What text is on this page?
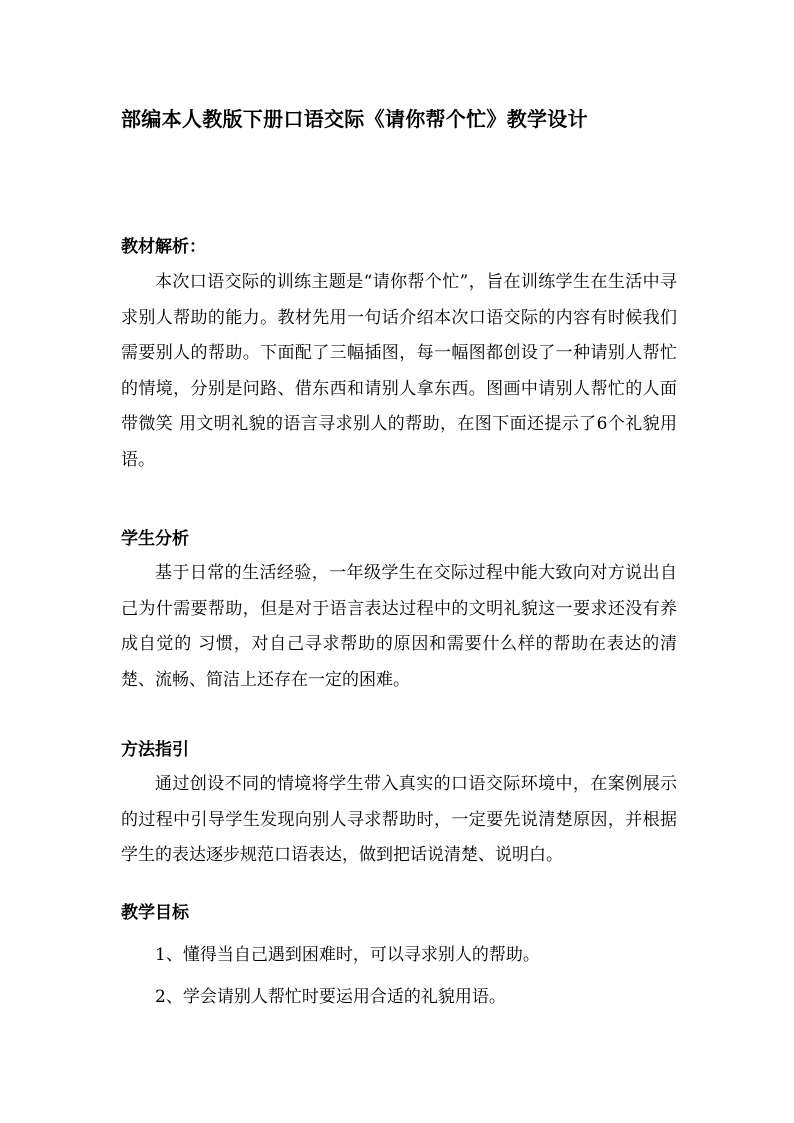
部编本人教版下册口语交际《请你帮个忙》教学设计
教材解析：

本次口语交际的训练主题是“请你帮个忙”，旨在训练学生在生活中寻求别人帮助的能力。教材先用一句话介绍本次口语交际的内容有时候我们需要别人的帮助。下面配了三幅插图，每一幅图都创设了一种请别人帮忙的情境，分别是问路、借东西和请别人拿东西。图画中请别人帮忙的人面带微笑 用文明礼貌的语言寻求别人的帮助，在图下面还提示了6个礼貌用语。

学生分析

基于日常的生活经验，一年级学生在交际过程中能大致向对方说出自己为什需要帮助，但是对于语言表达过程中的文明礼貌这一要求还没有养成自觉的 习惯，对自己寻求帮助的原因和需要什么样的帮助在表达的清楚、流畅、简洁上还存在一定的困难。

方法指引

通过创设不同的情境将学生带入真实的口语交际环境中，在案例展示的过程中引导学生发现向别人寻求帮助时，一定要先说清楚原因，并根据学生的表达逐步规范口语表达，做到把话说清楚、说明白。

教学目标
1、懂得当自己遇到困难时，可以寻求别人的帮助。
2、学会请别人帮忙时要运用合适的礼貌用语。
